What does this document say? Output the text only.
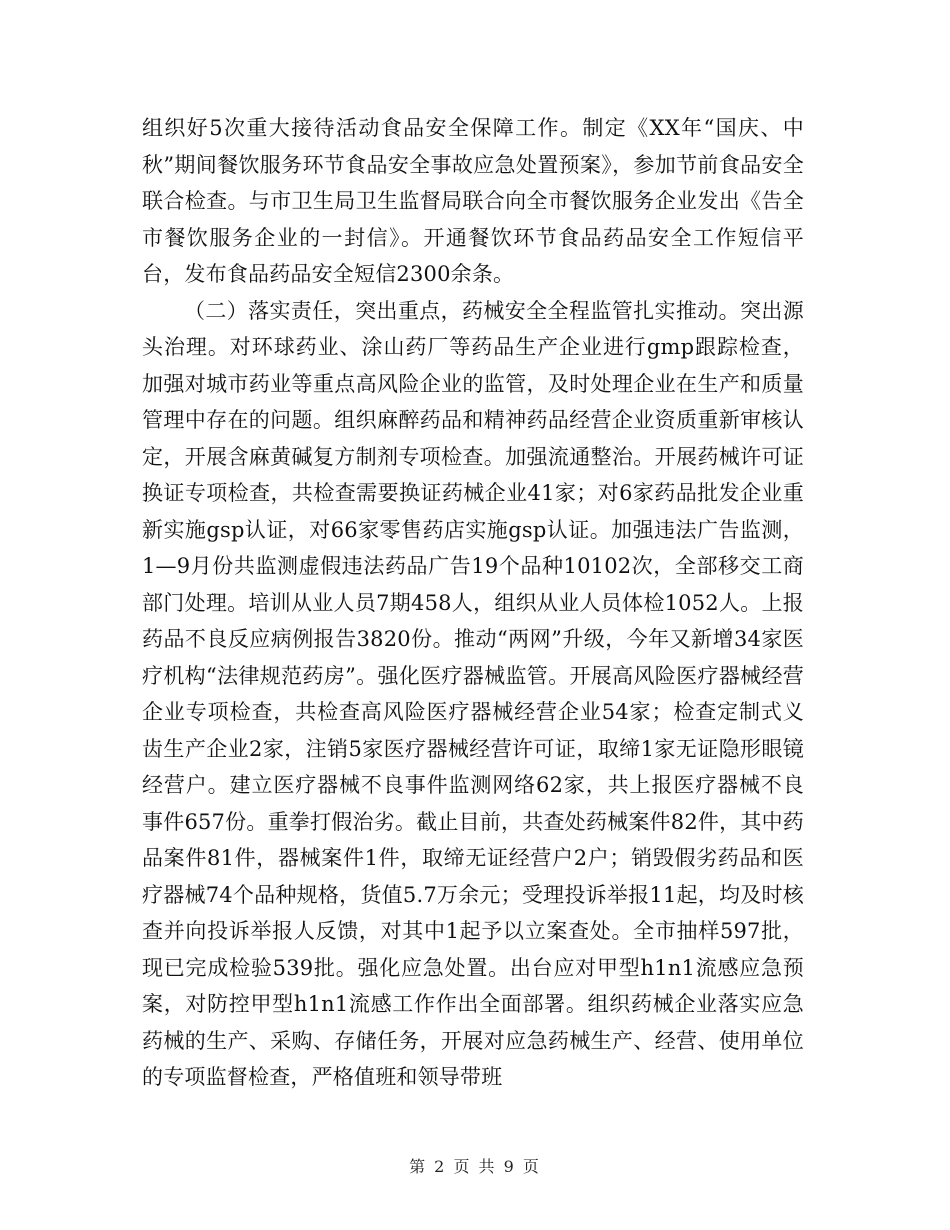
组织好5次重大接待活动食品安全保障工作。制定《XX年“国庆、中秋”期间餐饮服务环节食品安全事故应急处置预案》，参加节前食品安全联合检查。与市卫生局卫生监督局联合向全市餐饮服务企业发出《告全市餐饮服务企业的一封信》。开通餐饮环节食品药品安全工作短信平台，发布食品药品安全短信2300余条。

（二）落实责任，突出重点，药械安全全程监管扎实推动。突出源头治理。对环球药业、涂山药厂等药品生产企业进行gmp跟踪检查，加强对城市药业等重点高风险企业的监管，及时处理企业在生产和质量管理中存在的问题。组织麻醉药品和精神药品经营企业资质重新审核认定，开展含麻黄碱复方制剂专项检查。加强流通整治。开展药械许可证换证专项检查，共检查需要换证药械企业41家；对6家药品批发企业重新实施gsp认证，对66家零售药店实施gsp认证。加强违法广告监测，1—9月份共监测虚假违法药品广告19个品种10102次，全部移交工商部门处理。培训从业人员7期458人，组织从业人员体检1052人。上报药品不良反应病例报告3820份。推动“两网”升级，今年又新增34家医疗机构“法律规范药房”。强化医疗器械监管。开展高风险医疗器械经营企业专项检查，共检查高风险医疗器械经营企业54家；检查定制式义齿生产企业2家，注销5家医疗器械经营许可证，取缔1家无证隐形眼镜经营户。建立医疗器械不良事件监测网络62家，共上报医疗器械不良事件657份。重拳打假治劣。截止目前，共查处药械案件82件，其中药品案件81件，器械案件1件，取缔无证经营户2户；销毁假劣药品和医疗器械74个品种规格，货值5.7万余元；受理投诉举报11起，均及时核查并向投诉举报人反馈，对其中1起予以立案查处。全市抽样597批，现已完成检验539批。强化应急处置。出台应对甲型h1n1流感应急预案，对防控甲型h1n1流感工作作出全面部署。组织药械企业落实应急药械的生产、采购、存储任务，开展对应急药械生产、经营、使用单位的专项监督检查，严格值班和领导带班

第 2 页 共 9 页
